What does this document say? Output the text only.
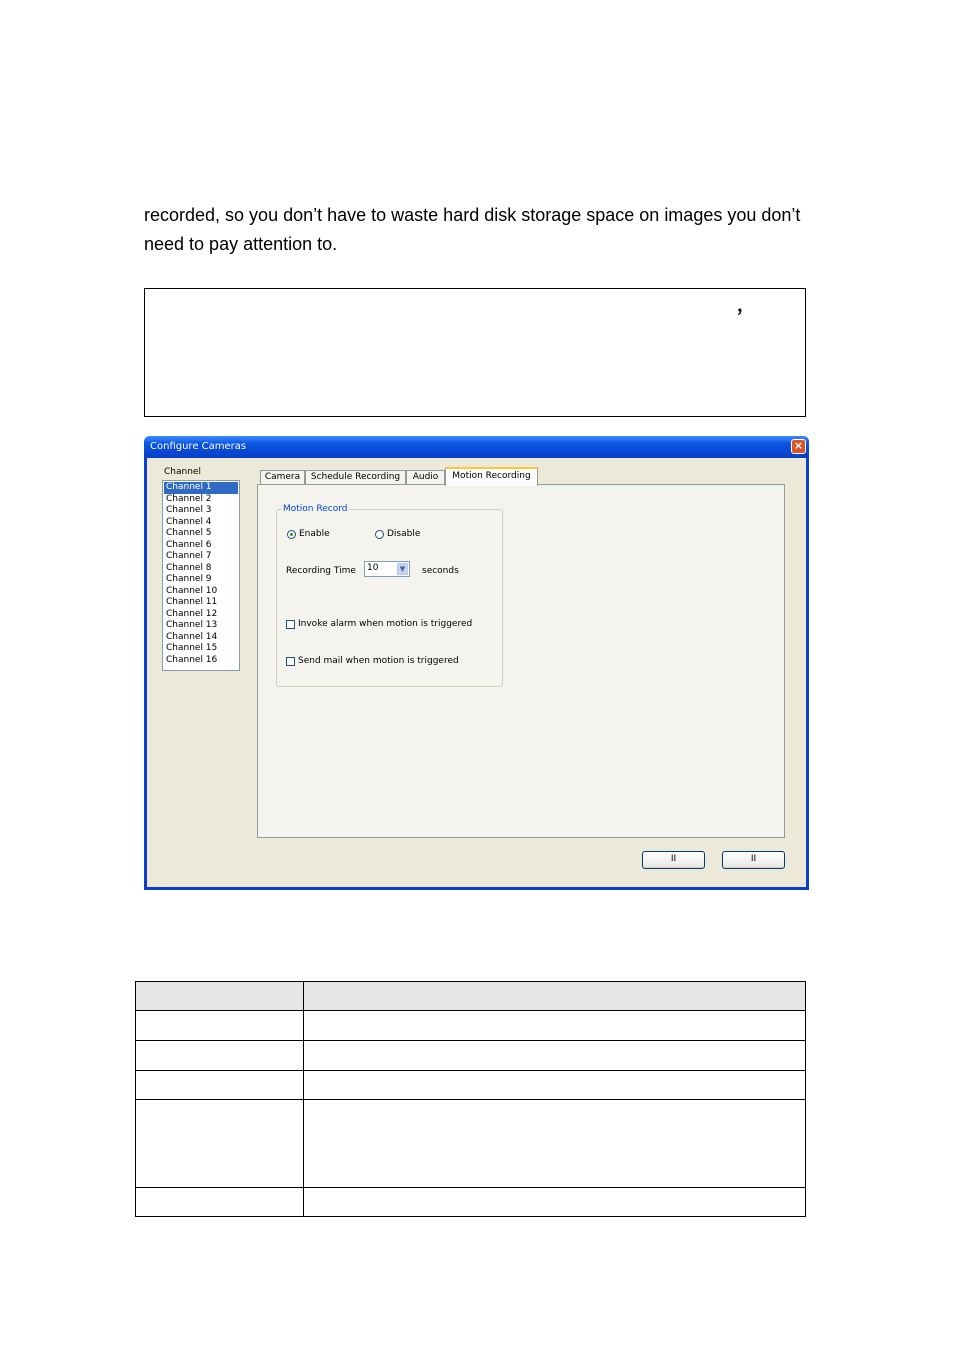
recorded, so you don’t have to waste hard disk storage space on images you don’t need to pay attention to.

，
Configure Cameras	×
Channel
Channel 1
Channel 2
Channel 3
Channel 4
Channel 5
Channel 6
Channel 7
Channel 8
Channel 9
Channel 10
Channel 11
Channel 12
Channel 13
Channel 14
Channel 15
Channel 16
Camera	Schedule Recording	Audio	Motion Recording
Motion Record
Enable	Disable
Recording Time 10	▼	seconds
Invoke alarm when motion is triggered
Send mail when motion is triggered
II	II
